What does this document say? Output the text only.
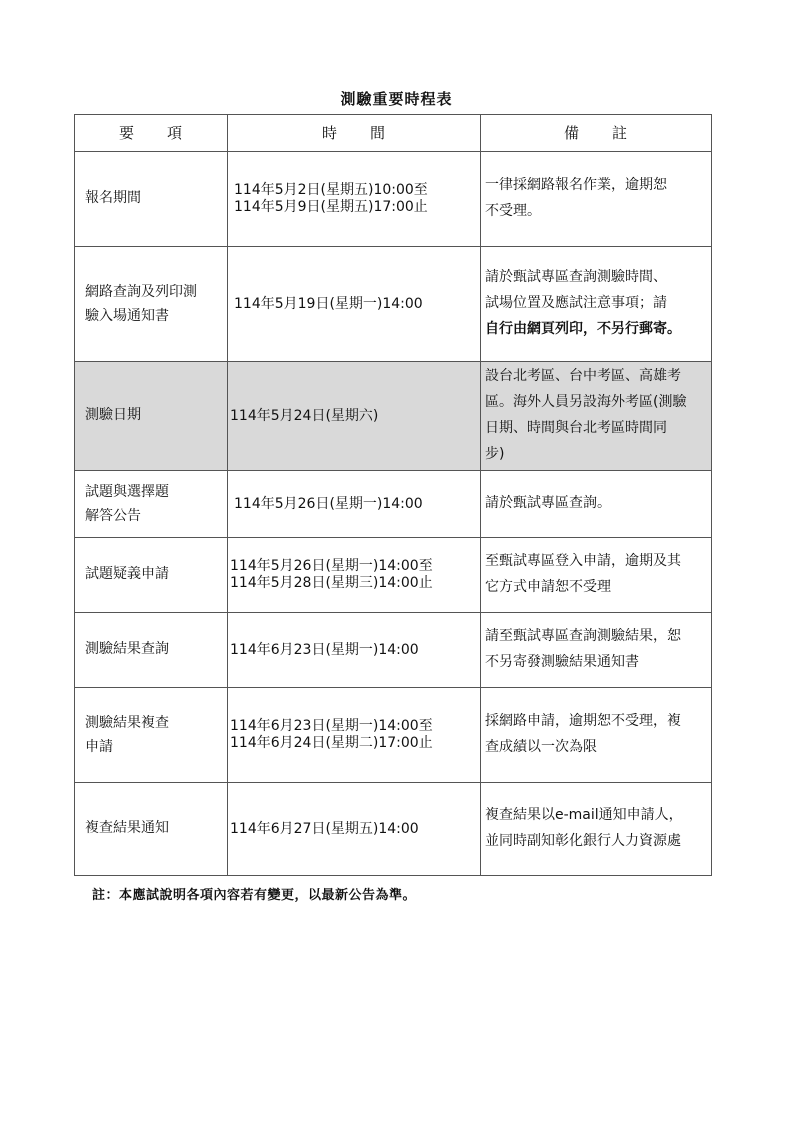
測驗重要時程表
要　　項	時　　間	備　　註

報名期間	114年5月2日(星期五)10:00至
114年5月9日(星期五)17:00止	一律採網路報名作業，逾期恕
不受理。

網路查詢及列印測
驗入場通知書	114年5月19日(星期一)14:00	請於甄試專區查詢測驗時間、
試場位置及應試注意事項；請
自行由網頁列印，不另行郵寄。

測驗日期	114年5月24日(星期六)	設台北考區、台中考區、高雄考
區。海外人員另設海外考區(測驗
日期、時間與台北考區時間同
步)

試題與選擇題
解答公告	114年5月26日(星期一)14:00	請於甄試專區查詢。

試題疑義申請	114年5月26日(星期一)14:00至
114年5月28日(星期三)14:00止	至甄試專區登入申請，逾期及其
它方式申請恕不受理

測驗結果查詢	114年6月23日(星期一)14:00	請至甄試專區查詢測驗結果，恕
不另寄發測驗結果通知書

測驗結果複查
申請	114年6月23日(星期一)14:00至
114年6月24日(星期二)17:00止	採網路申請，逾期恕不受理，複
查成績以一次為限

複查結果通知	114年6月27日(星期五)14:00	複查結果以e-mail通知申請人，
並同時副知彰化銀行人力資源處
註：本應試說明各項內容若有變更，以最新公告為準。
